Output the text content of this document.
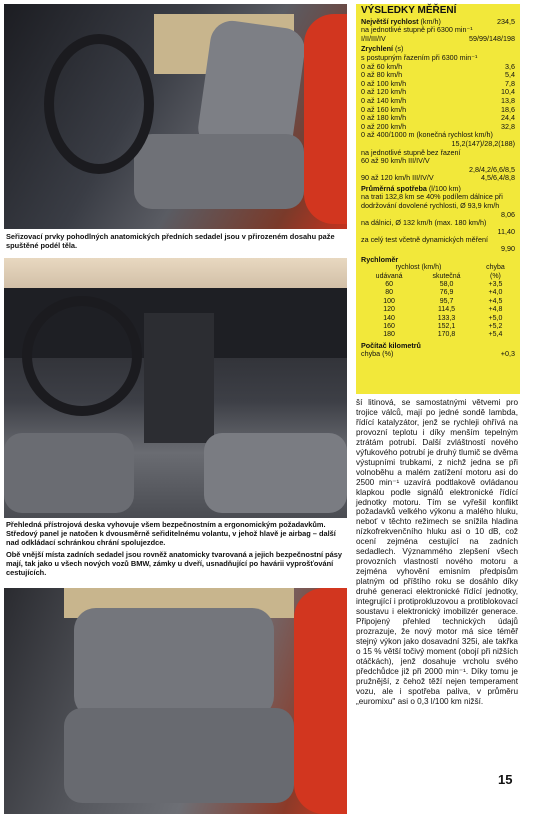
Seřizovací prvky pohodlných anatomických předních sedadel jsou v přirozeném dosahu paže spuštěné podél těla.

Přehledná přístrojová deska vyhovuje všem bezpečnostním a ergonomickým požadavkům. Středový panel je natočen k dvousměrně seřiditelnému volantu, v jehož hlavě je airbag – další nad odkládací schránkou chrání spolujezdce.

Obě vnější místa zadních sedadel jsou rovněž anatomicky tvarovaná a jejich bezpečnostní pásy mají, tak jako u všech nových vozů BMW, zámky u dveří, usnadňující po havárii vyprošťování cestujících.

VÝSLEDKY MĚŘENÍ
Největší rychlost (km/h)	234,5
na jednotlivé stupně při 6300 min⁻¹
I/II/III/IV	59/99/148/198
Zrychlení (s)
s postupným řazením při 6300 min⁻¹
0 až 60 km/h	3,6
0 až 80 km/h	5,4
0 až 100 km/h	7,8
0 až 120 km/h	10,4
0 až 140 km/h	13,8
0 až 160 km/h	18,6
0 až 180 km/h	24,4
0 až 200 km/h	32,8
0 až 400/1000 m (konečná rychlost km/h)
15,2(147)/28,2(188)
na jednotlivé stupně bez řazení
60 až 90 km/h III/IV/V
2,8/4,2/6,6/8,5
90 až 120 km/h III/IV/V	4,5/6,4/8,8
Průměrná spotřeba (l/100 km)
na trati 132,8 km se 40% podílem dálnice při dodržování dovolené rychlosti, Ø 93,9 km/h
8,06
na dálnici, Ø 132 km/h (max. 180 km/h)
11,40
za celý test včetně dynamických měření
9,90
Rychloměr
rychlost (km/h)		chyba
udávaná	skutečná	(%)
60	58,0	+3,5
80	76,9	+4,0
100	95,7	+4,5
120	114,5	+4,8
140	133,3	+5,0
160	152,1	+5,2
180	170,8	+5,4
Počítač kilometrů
chyba (%)	+0,3

ší litinová, se samostatnými větvemi pro trojice válců, mají po jedné sondě lambda, řídící katalyzátor, jenž se rychleji ohřívá na provozní teplotu i díky menším tepelným ztrátám potrubí. Další zvláštností nového výfukového potrubí je druhý tlumič se dvěma výstupními trubkami, z nichž jedna se při volnoběhu a malém zatížení motoru asi do 2500 min⁻¹ uzavírá podtlakově ovládanou klapkou podle signálů elektronické řídící jednotky motoru. Tím se vyřešil konflikt požadavků velkého výkonu a malého hluku, neboť v těchto režimech se snížila hladina nízkofrekvenčního hluku asi o 10 dB, což ocení zejména cestující na zadních sedadlech. Význammého zlepšení všech provozních vlastností nového motoru a zejména vyhovění emisním předpisům platným od příštího roku se dosáhlo díky druhé generaci elektronické řídící jednotky, integrující i protiprokluzovou a protiblokovací soustavu i elektronický imobilizér generace. Připojený přehled technických údajů prozrazuje, že nový motor má sice téměř stejný výkon jako dosavadní 325i, ale takřka o 15 % větší točivý moment (obojí při nižších otáčkách), jenž dosahuje vrcholu svého předchůdce již při 2000 min⁻¹. Díky tomu je pružnější, z čehož těží nejen temperament vozu, ale i spotřeba paliva, v průměru „euromixu" asi o 0,3 l/100 km nižší.

15
